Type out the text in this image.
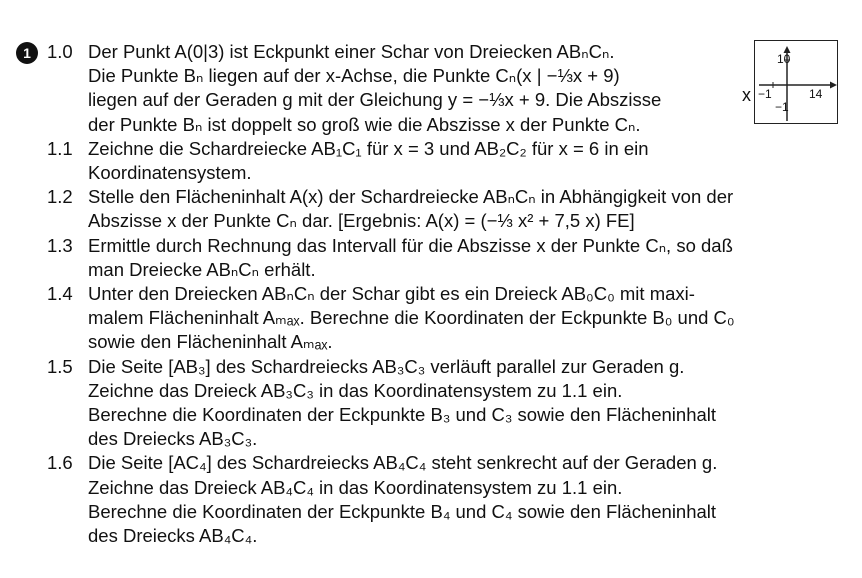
1 1.0 Der Punkt A(0|3) ist Eckpunkt einer Schar von Dreiecken ABₙCₙ.
Die Punkte Bₙ liegen auf der x-Achse, die Punkte Cₙ(x | −⅓x + 9)
liegen auf der Geraden g mit der Gleichung y = −⅓x + 9. Die Abszisse
der Punkte Bₙ ist doppelt so groß wie die Abszisse x der Punkte Cₙ.
1.1 Zeichne die Schardreiecke AB₁C₁ für x = 3 und AB₂C₂ für x = 6 in ein
Koordinatensystem.
1.2 Stelle den Flächeninhalt A(x) der Schardreiecke ABₙCₙ in Abhängigkeit von der
Abszisse x der Punkte Cₙ dar. [Ergebnis: A(x) = (−⅓ x² + 7,5 x) FE]
1.3 Ermittle durch Rechnung das Intervall für die Abszisse x der Punkte Cₙ, so daß
man Dreiecke ABₙCₙ erhält.
1.4 Unter den Dreiecken ABₙCₙ der Schar gibt es ein Dreieck AB₀C₀ mit maxi-
malem Flächeninhalt Aₘₐₓ. Berechne die Koordinaten der Eckpunkte B₀ und C₀
sowie den Flächeninhalt Aₘₐₓ.
1.5 Die Seite [AB₃] des Schardreiecks AB₃C₃ verläuft parallel zur Geraden g.
Zeichne das Dreieck AB₃C₃ in das Koordinatensystem zu 1.1 ein.
Berechne die Koordinaten der Eckpunkte B₃ und C₃ sowie den Flächeninhalt
des Dreiecks AB₃C₃.
1.6 Die Seite [AC₄] des Schardreiecks AB₄C₄ steht senkrecht auf der Geraden g.
Zeichne das Dreieck AB₄C₄ in das Koordinatensystem zu 1.1 ein.
Berechne die Koordinaten der Eckpunkte B₄ und C₄ sowie den Flächeninhalt
des Dreiecks AB₄C₄.
x
10
−1
−1
14
